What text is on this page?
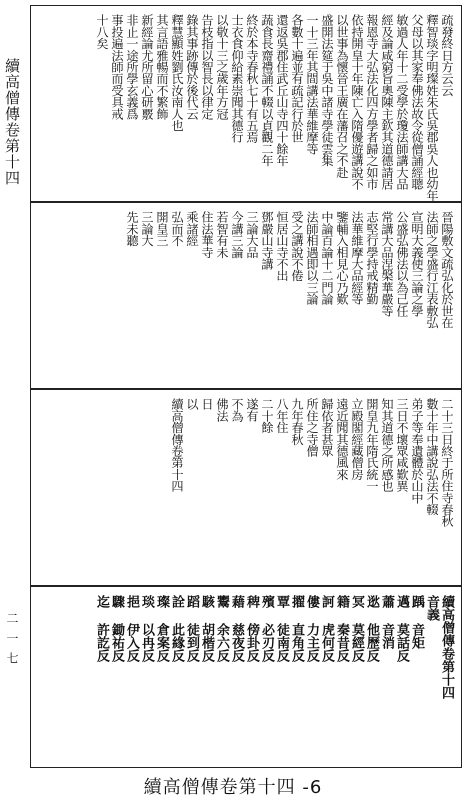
續高僧傳卷第十四
二一七
疏發終日方云云
釋智琰字明璨姓朱氏吳郡吳人也幼年
父母以其家奉佛法故令從僧誦經聰
敏過人年十二受學於瓊法師講大品
經及論咸窮旨奧陳主欽其道德請居
報恩寺大弘法化四方學者歸之如市
依持開皇十年陳亡入隋優遊講說不
以世事為懷晉王廣在藩召之不赴
盛開法筵于吳中諸寺學徒雲集
一十三年其間講法華維摩等
各數十遍並有疏記行於世
還返吳郡住武丘山寺四十餘年
蔬食長齋禮誦不輟以貞觀二年
終於本寺春秋七十有五焉
士衣食仰給素崇聞其德行
以敬十三之歲年方冠
告枝指以智長以律定
錄其事跡傳於後代云
釋慧顯姓劉氏汝南人也
其言語雅暢而不繁飾
新經論尤所留心研覈
非止一途所學玄義爲
事投遍法師而受具戒
十八矣
晉陽敷文疏弘化於世在
法師之學盛行江表敷弘
宣明大義使三論之學
公盛弘佛法以為己任
常講大品涅槃華嚴等
志堅行學持戒精勤
法華維摩大品經等
鑒輔入相見心乃歎
中論百論十二門論
法師相遇即以三論
受之講說不倦
恒居山寺不出
鄧嚴山寺講
三論大品
今講三論
若智有未
住法華寺
乘諸經
弘而不
開皇三
三論大
先未聽
二十三日終于所住寺春秋
數十年中講說弘法不輟
弟子等奉遺體於山中
三日不壞眾咸歎異
知其道德之所感也
開皇九年隋氏統一
立殿閣經藏僧房
遠近聞其德風來
歸依者甚眾
所住之寺僧
九年春秋
八年住
二十餘
遂有
不為
佛法
日
以
續高僧傳卷第十四
續高僧傳卷第十四
音義
踽 音矩
邁 莫話反
蕭 音消
逖 他歷反
冥 莫經反
籍 秦昔反
訶 虎何反
僂 力主反
擢 直角反
覃 徒南反
殯 必刃反
稗 傍卦反
藉 慈夜反
鬻 余六反
駭 胡楷反
蹈 徒到反
詮 此緣反
璨 倉案反
琰 以冉反
挹 伊入反
驟 鋤祐反
迄 許訖反
續高僧傳卷第十四 -6
